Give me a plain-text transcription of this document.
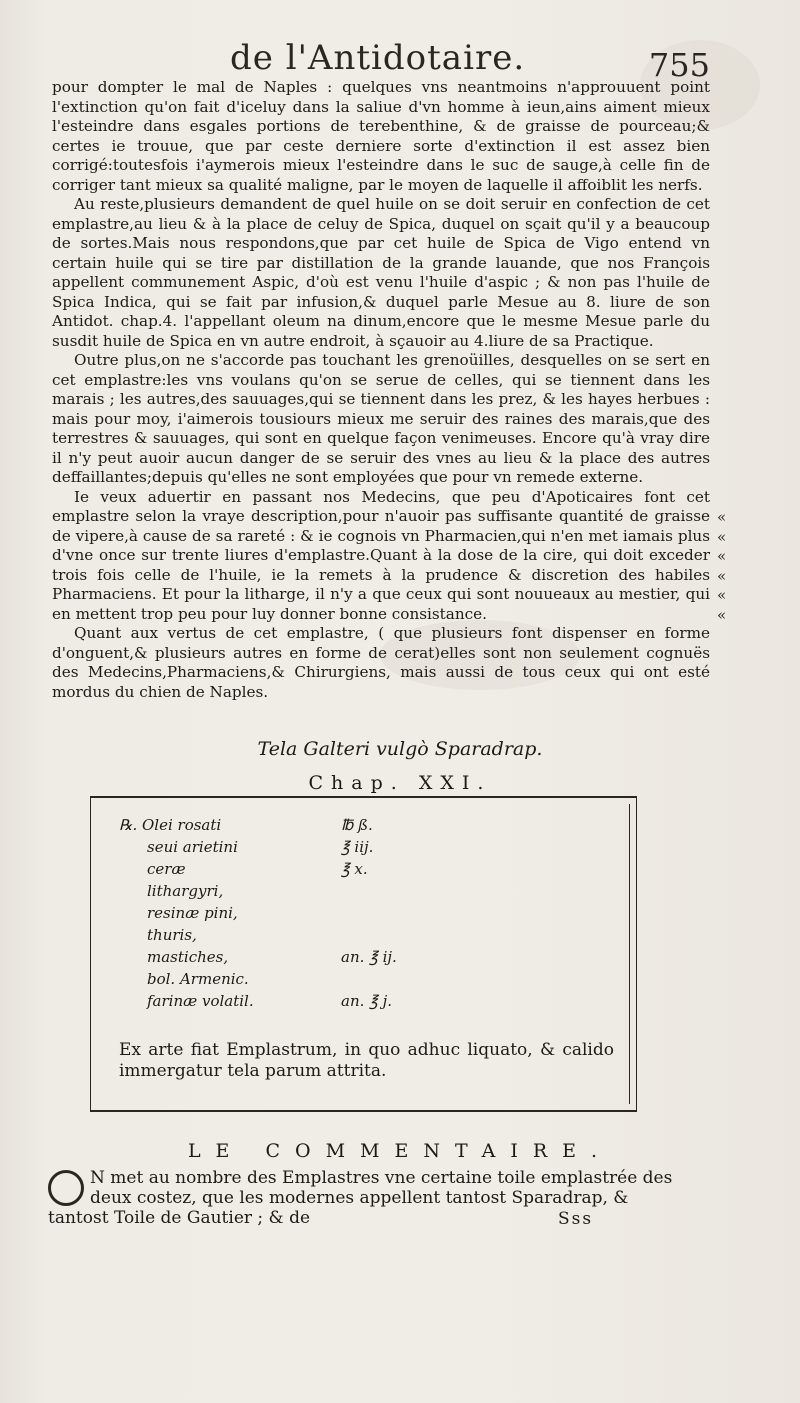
de l'Antidotaire.	755

pour dompter le mal de Naples : quelques vns neantmoins n'approuuent point l'extinction qu'on fait d'iceluy dans la saliue d'vn homme à ieun,ains aiment mieux l'esteindre dans esgales portions de terebenthine, & de graisse de pourceau;& certes ie trouue, que par ceste derniere sorte d'extinction il est assez bien corrigé:toutesfois i'aymerois mieux l'esteindre dans le suc de sauge,à celle fin de corriger tant mieux sa qualité maligne, par le moyen de laquelle il affoiblit les nerfs.

Au reste,plusieurs demandent de quel huile on se doit seruir en confection de cet emplastre,au lieu & à la place de celuy de Spica, duquel on sçait qu'il y a beaucoup de sortes.Mais nous respondons,que par cet huile de Spica de Vigo entend vn certain huile qui se tire par distillation de la grande lauande, que nos François appellent communement Aspic, d'où est venu l'huile d'aspic ; & non pas l'huile de Spica Indica, qui se fait par infusion,& duquel parle Mesue au 8. liure de son Antidot. chap.4. l'appellant oleum na dinum,encore que le mesme Mesue parle du susdit huile de Spica en vn autre endroit, à sçauoir au 4.liure de sa Practique.

Outre plus,on ne s'accorde pas touchant les grenoüilles, desquelles on se sert en cet emplastre:les vns voulans qu'on se serue de celles, qui se tiennent dans les marais ; les autres,des sauuages,qui se tiennent dans les prez, & les hayes herbues : mais pour moy, i'aimerois tousiours mieux me seruir des raines des marais,que des terrestres & sauuages, qui sont en quelque façon venimeuses. Encore qu'à vray dire il n'y peut auoir aucun danger de se seruir des vnes au lieu & la place des autres deffaillantes;depuis qu'elles ne sont employées que pour vn remede externe.

Ie veux aduertir en passant nos Medecins, que peu d'Apoticaires font cet emplastre selon la vraye description,pour n'auoir pas suffisante quantité de graisse de vipere,à cause de sa rareté : & ie cognois vn Pharmacien,qui n'en met iamais plus d'vne once sur trente liures d'emplastre.Quant à la dose de la cire, qui doit exceder trois fois celle de l'huile, ie la remets à la prudence & discretion des habiles Pharmaciens. Et pour la litharge, il n'y a que ceux qui sont nouueaux au mestier, qui en mettent trop peu pour luy donner bonne consistance.

Quant aux vertus de cet emplastre, ( que plusieurs font dispenser en forme d'onguent,& plusieurs autres en forme de cerat)elles sont non seulement cognuës des Medecins,Pharmaciens,& Chirurgiens, mais aussi de tous ceux qui ont esté mordus du chien de Naples.

«
«
«
«
«
«
Tela Galteri vulgò Sparadrap.
Chap. XXI.
℞. Olei rosati	℔ ß.
seui arietini	℥ iij.
ceræ	℥ x.
lithargyri,
resinæ pini,
thuris,
mastiches,	an. ℥ ij.
bol. Armenic.
farinæ volatil.	an. ℥ j.
Ex arte fiat Emplastrum, in quo adhuc liquato, & calido immergatur tela parum attrita.
LE COMMENTAIRE.
N met au nombre des Emplastres vne certaine toile emplastrée des deux costez, que les modernes appellent tantost Sparadrap, & tantost Toile de Gautier ; & de	Sss
